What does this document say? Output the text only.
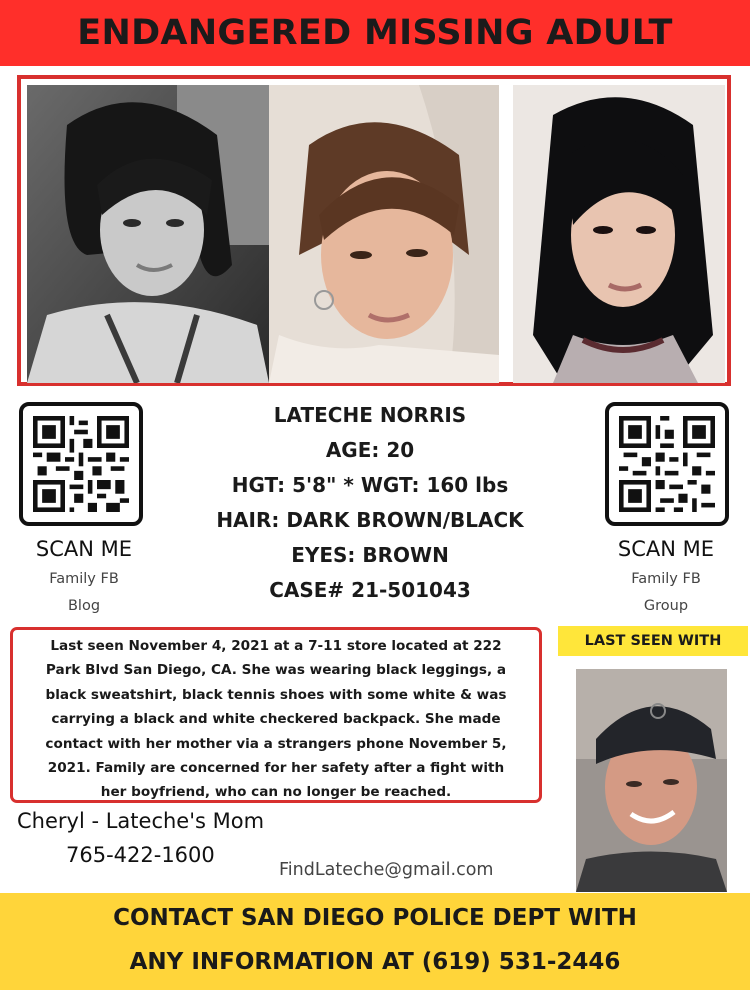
ENDANGERED MISSING ADULT
SCAN ME
Family FB
Blog
SCAN ME
Family FB
Group
LATECHE NORRIS
AGE: 20
HGT: 5'8" * WGT: 160 lbs
HAIR: DARK BROWN/BLACK
EYES: BROWN
CASE# 21-501043
Last seen November 4, 2021 at a 7-11 store located at 222
Park Blvd San Diego, CA. She was wearing black leggings, a
black sweatshirt, black tennis shoes with some white & was
carrying a black and white checkered backpack. She made
contact with her mother via a strangers phone November 5,
2021. Family are concerned for her safety after a fight with
her boyfriend, who can no longer be reached.
LAST SEEN WITH
Cheryl - Lateche's Mom
765-422-1600
FindLateche@gmail.com
CONTACT SAN DIEGO POLICE DEPT WITH
ANY INFORMATION AT (619) 531-2446
